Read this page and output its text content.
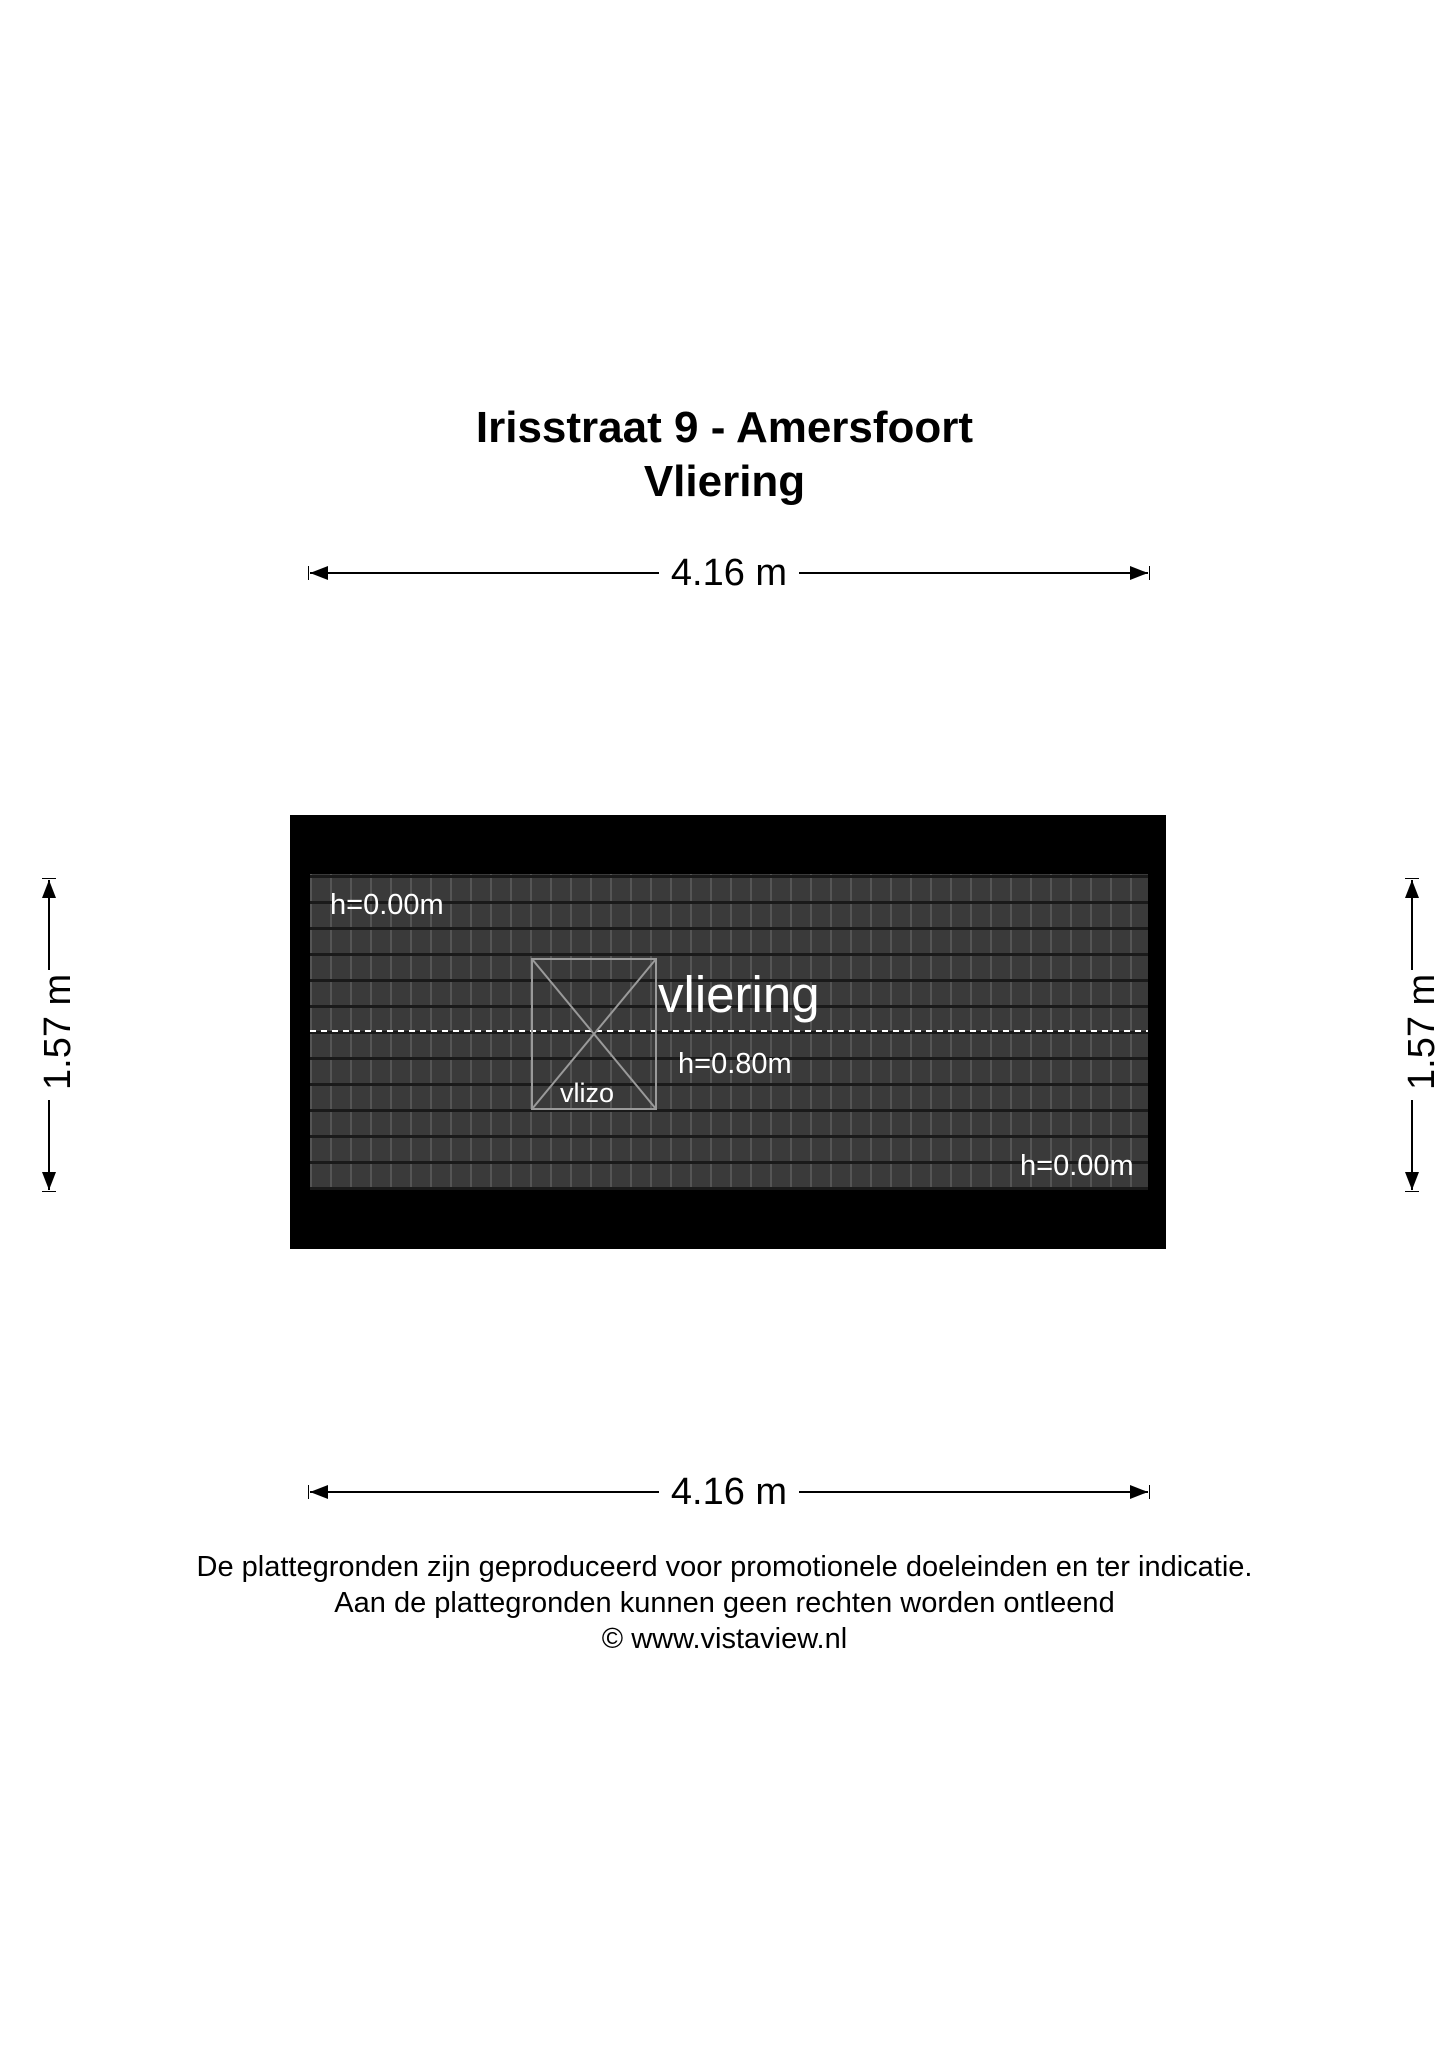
Irisstraat 9 - Amersfoort
Vliering
4.16 m
1.57 m	1.57 m
h=0.00m
vliering
h=0.80m
vlizo
h=0.00m
4.16 m
De plattegronden zijn geproduceerd voor promotionele doeleinden en ter indicatie.
Aan de plattegronden kunnen geen rechten worden ontleend
© www.vistaview.nl
